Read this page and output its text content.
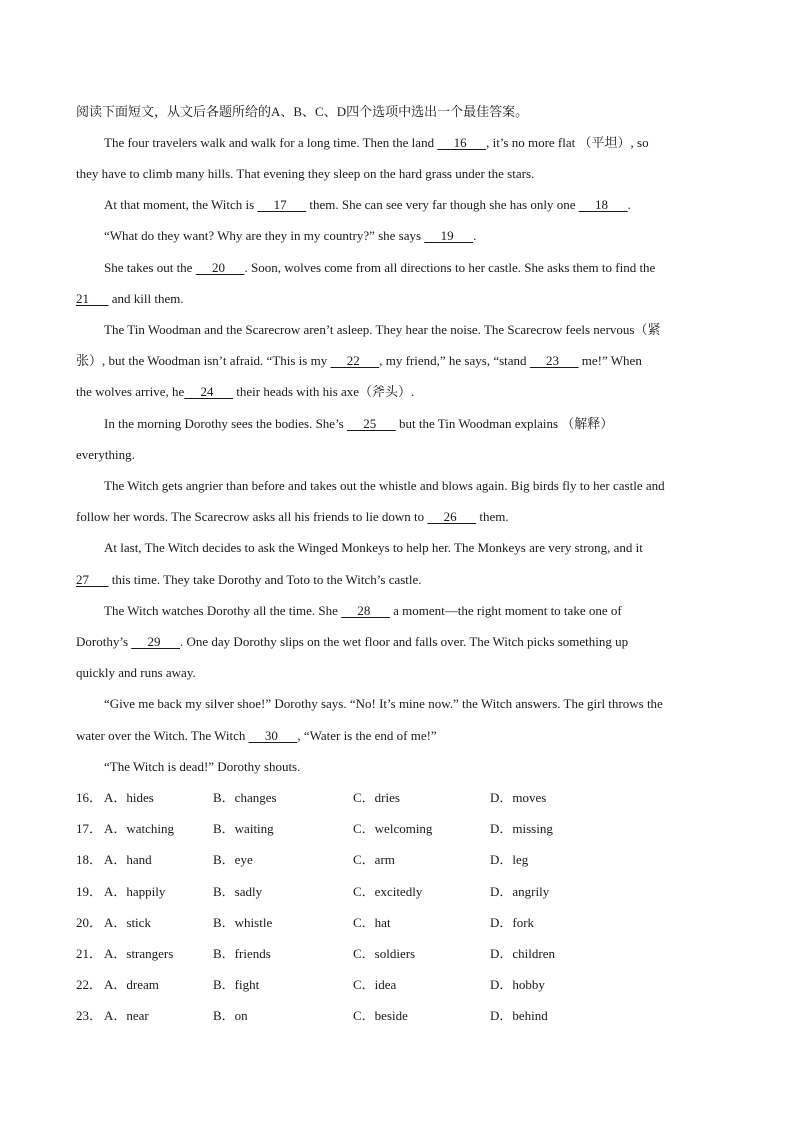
阅读下面短文，从文后各题所给的A、B、C、D四个选项中选出一个最佳答案。
The four travelers walk and walk for a long time. Then the land      16      , it’s no more flat （平坦）, so
they have to climb many hills. That evening they sleep on the hard grass under the stars.
At that moment, the Witch is      17       them. She can see very far though she has only one      18      .
“What do they want? Why are they in my country?” she says      19      .
She takes out the      20      . Soon, wolves come from all directions to her castle. She asks them to find the
21       and kill them.
The Tin Woodman and the Scarecrow aren’t asleep. They hear the noise. The Scarecrow feels nervous（紧
张）, but the Woodman isn’t afraid. “This is my      22      , my friend,” he says, “stand      23       me!” When
the wolves arrive, he     24       their heads with his axe（斧头）.
In the morning Dorothy sees the bodies. She’s      25       but the Tin Woodman explains （解释）
everything.
The Witch gets angrier than before and takes out the whistle and blows again. Big birds fly to her castle and
follow her words. The Scarecrow asks all his friends to lie down to      26       them.
At last, The Witch decides to ask the Winged Monkeys to help her. The Monkeys are very strong, and it
27       this time. They take Dorothy and Toto to the Witch’s castle.
The Witch watches Dorothy all the time. She      28       a moment—the right moment to take one of
Dorothy’s      29      . One day Dorothy slips on the wet floor and falls over. The Witch picks something up
quickly and runs away.
“Give me back my silver shoe!” Dorothy says. “No! It’s mine now.” the Witch answers. The girl throws the
water over the Witch. The Witch      30      , “Water is the end of me!”
“The Witch is dead!” Dorothy shouts.
16． A．hides	B．changes	C．dries	D．moves
17． A．watching	B．waiting	C．welcoming	D．missing
18． A．hand	B．eye	C．arm	D．leg
19． A．happily	B．sadly	C．excitedly	D．angrily
20． A．stick	B．whistle	C．hat	D．fork
21． A．strangers	B．friends	C．soldiers	D．children
22． A．dream	B．fight	C．idea	D．hobby
23． A．near	B．on	C．beside	D．behind
